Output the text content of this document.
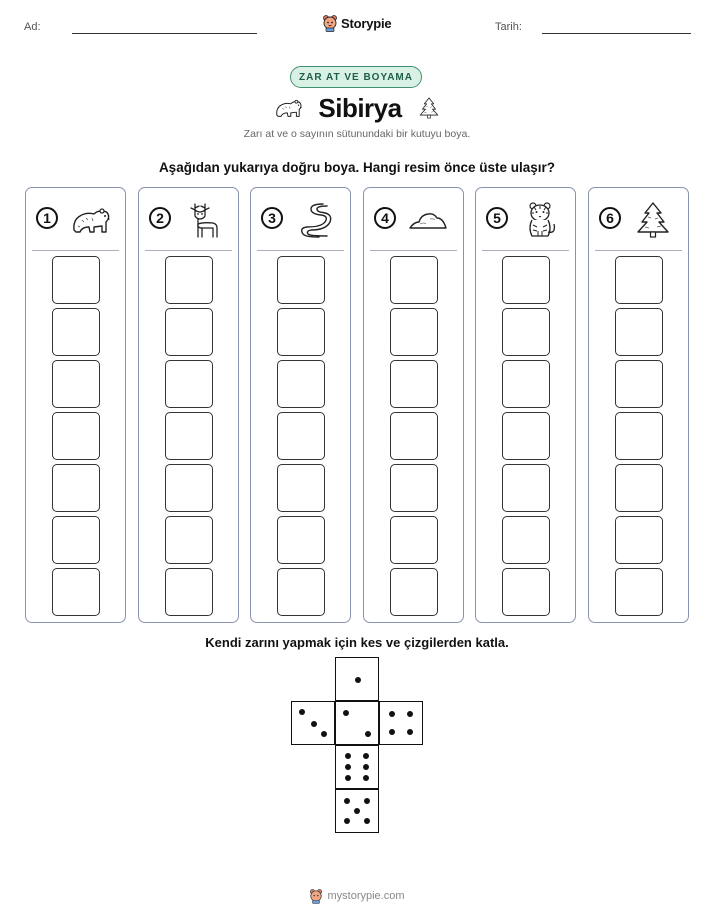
Ad:	Storypie	Tarih:
ZAR AT VE BOYAMA
Sibirya
Zarı at ve o sayının sütunundaki bir kutuyu boya.
Aşağıdan yukarıya doğru boya. Hangi resim önce üste ulaşır?
1	2	3	4	5	6
Kendi zarını yapmak için kes ve çizgilerden katla.
mystorypie.com
